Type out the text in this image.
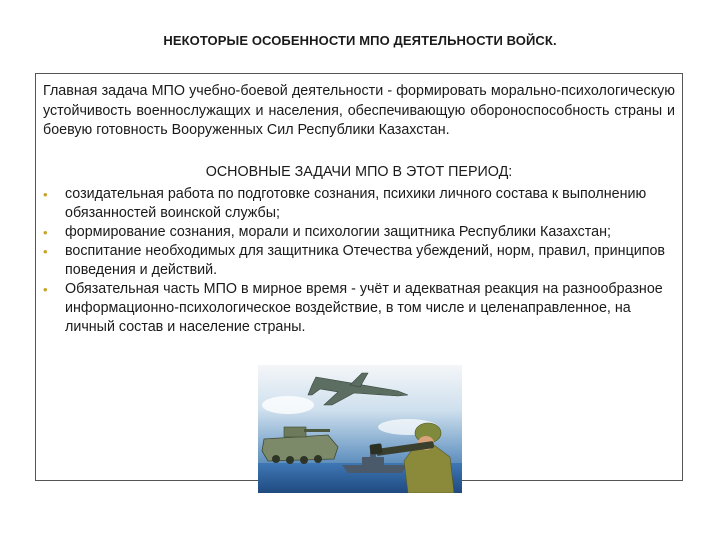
НЕКОТОРЫЕ ОСОБЕННОСТИ МПО ДЕЯТЕЛЬНОСТИ ВОЙСК.

Главная задача МПО учебно-боевой деятельности - формировать морально-психологическую устойчивость военнослужащих и населения, обеспечивающую обороноспособность страны и боевую готовность Вооруженных Сил Республики Казахстан.

ОСНОВНЫЕ ЗАДАЧИ МПО В ЭТОТ ПЕРИОД:

• созидательная работа по подготовке сознания, психики личного состава к выполнению обязанностей воинской службы;
• формирование сознания, морали и психологии защитника Республики Казахстан;
• воспитание необходимых для защитника Отечества убеждений, норм, правил, принципов поведения и действий.
• Обязательная часть МПО в мирное время - учёт и адекватная реакция на разнообразное информационно-психологическое воздействие, в том числе и целенаправленное, на личный состав и население страны.
